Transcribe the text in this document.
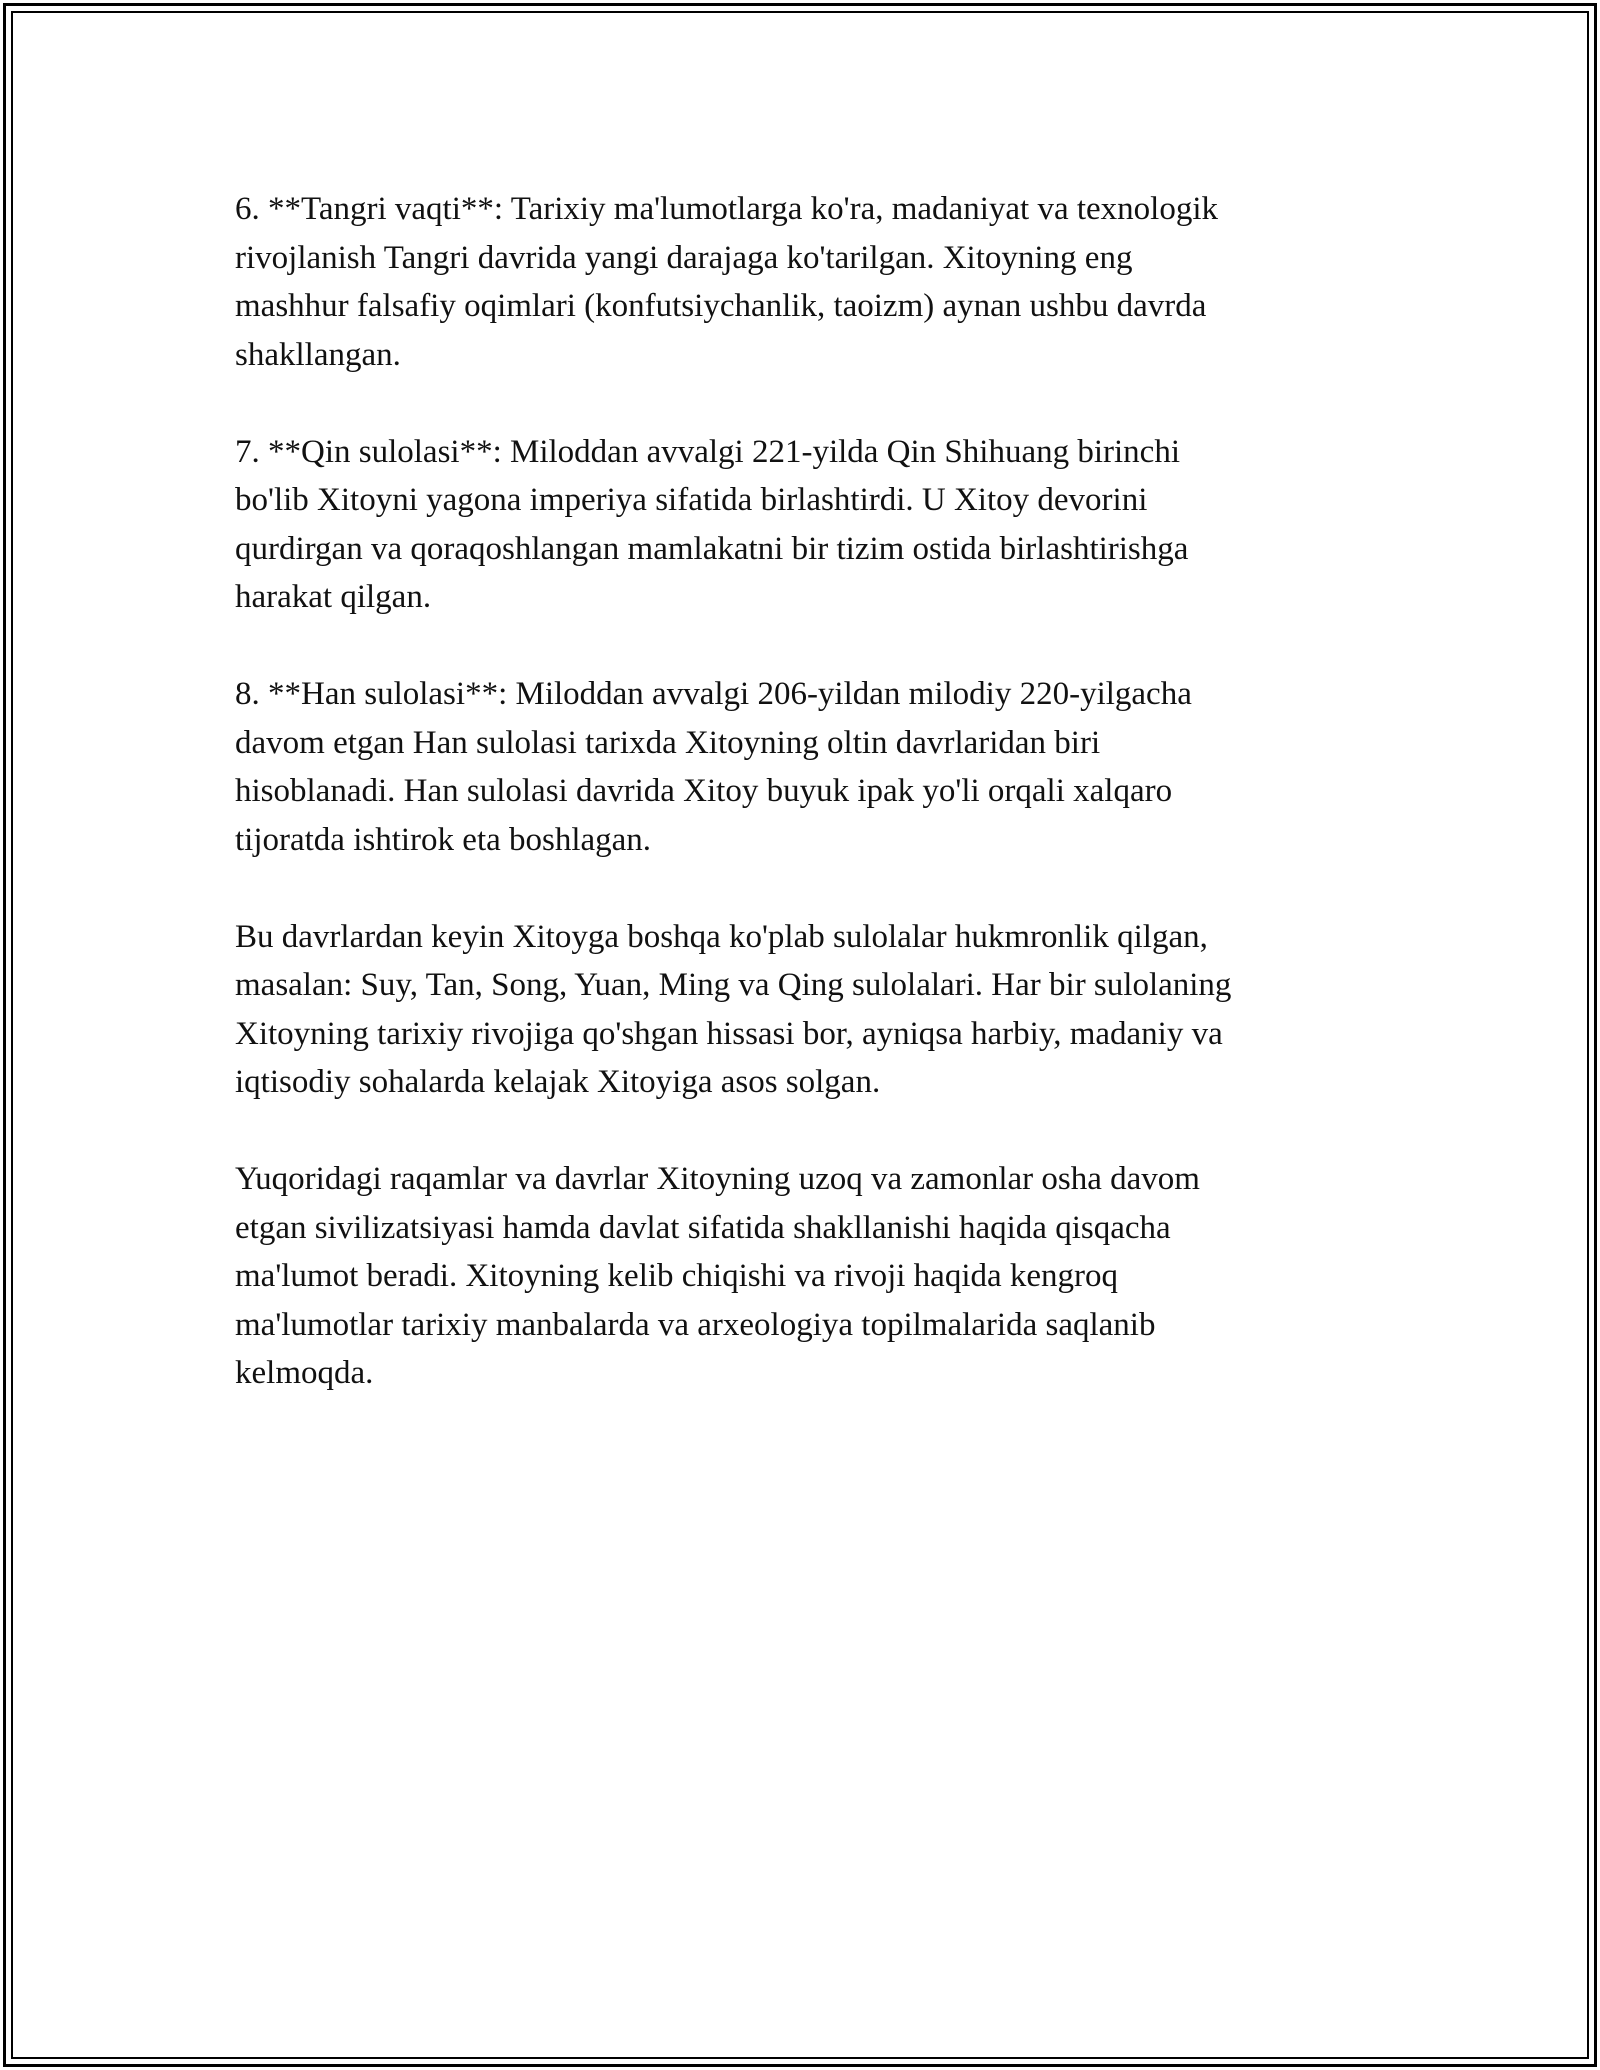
6. **Tangri vaqti**: Tarixiy ma'lumotlarga ko'ra, madaniyat va texnologik
rivojlanish Tangri davrida yangi darajaga ko'tarilgan. Xitoyning eng
mashhur falsafiy oqimlari (konfutsiychanlik, taoizm) aynan ushbu davrda
shakllangan.

7. **Qin sulolasi**: Miloddan avvalgi 221-yilda Qin Shihuang birinchi
bo'lib Xitoyni yagona imperiya sifatida birlashtirdi. U Xitoy devorini
qurdirgan va qoraqoshlangan mamlakatni bir tizim ostida birlashtirishga
harakat qilgan.

8. **Han sulolasi**: Miloddan avvalgi 206-yildan milodiy 220-yilgacha
davom etgan Han sulolasi tarixda Xitoyning oltin davrlaridan biri
hisoblanadi. Han sulolasi davrida Xitoy buyuk ipak yo'li orqali xalqaro
tijoratda ishtirok eta boshlagan.

Bu davrlardan keyin Xitoyga boshqa ko'plab sulolalar hukmronlik qilgan,
masalan: Suy, Tan, Song, Yuan, Ming va Qing sulolalari. Har bir sulolaning
Xitoyning tarixiy rivojiga qo'shgan hissasi bor, ayniqsa harbiy, madaniy va
iqtisodiy sohalarda kelajak Xitoyiga asos solgan.

Yuqoridagi raqamlar va davrlar Xitoyning uzoq va zamonlar osha davom
etgan sivilizatsiyasi hamda davlat sifatida shakllanishi haqida qisqacha
ma'lumot beradi. Xitoyning kelib chiqishi va rivoji haqida kengroq
ma'lumotlar tarixiy manbalarda va arxeologiya topilmalarida saqlanib
kelmoqda.
